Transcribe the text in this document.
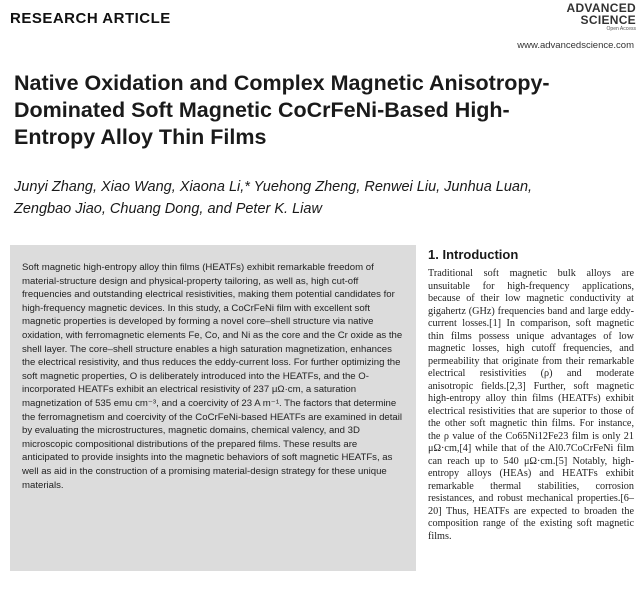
RESEARCH ARTICLE
ADVANCED
SCIENCE
Open Access
www.advancedscience.com
Native Oxidation and Complex Magnetic Anisotropy-Dominated Soft Magnetic CoCrFeNi-Based High-Entropy Alloy Thin Films
Junyi Zhang, Xiao Wang, Xiaona Li,* Yuehong Zheng, Renwei Liu, Junhua Luan, Zengbao Jiao, Chuang Dong, and Peter K. Liaw
Soft magnetic high-entropy alloy thin films (HEATFs) exhibit remarkable freedom of material-structure design and physical-property tailoring, as well as, high cut-off frequencies and outstanding electrical resistivities, making them potential candidates for high-frequency magnetic devices. In this study, a CoCrFeNi film with excellent soft magnetic properties is developed by forming a novel core–shell structure via native oxidation, with ferromagnetic elements Fe, Co, and Ni as the core and the Cr oxide as the shell layer. The core–shell structure enables a high saturation magnetization, enhances the electrical resistivity, and thus reduces the eddy-current loss. For further optimizing the soft magnetic properties, O is deliberately introduced into the HEATFs, and the O-incorporated HEATFs exhibit an electrical resistivity of 237 μΩ·cm, a saturation magnetization of 535 emu cm⁻³, and a coercivity of 23 A m⁻¹. The factors that determine the ferromagnetism and coercivity of the CoCrFeNi-based HEATFs are examined in detail by evaluating the microstructures, magnetic domains, chemical valency, and 3D microscopic compositional distributions of the prepared films. These results are anticipated to provide insights into the magnetic behaviors of soft magnetic HEATFs, as well as aid in the construction of a promising material-design strategy for these unique materials.
1. Introduction
Traditional soft magnetic bulk alloys are unsuitable for high-frequency applications, because of their low magnetic conductivity at gigahertz (GHz) frequencies band and large eddy-current losses.[1] In comparison, soft magnetic thin films possess unique advantages of low magnetic losses, high cutoff frequencies, and permeability that originate from their remarkable electrical resistivities (ρ) and moderate anisotropic fields.[2,3] Further, soft magnetic high-entropy alloy thin films (HEATFs) exhibit electrical resistivities that are superior to those of the other soft magnetic thin films. For instance, the ρ value of the Co65Ni12Fe23 film is only 21 μΩ·cm,[4] while that of the Al0.7CoCrFeNi film can reach up to 540 μΩ·cm.[5] Notably, high-entropy alloys (HEAs) and HEATFs exhibit remarkable thermal stabilities, corrosion resistances, and robust mechanical properties.[6–20] Thus, HEATFs are expected to broaden the composition range of the existing soft magnetic films.
